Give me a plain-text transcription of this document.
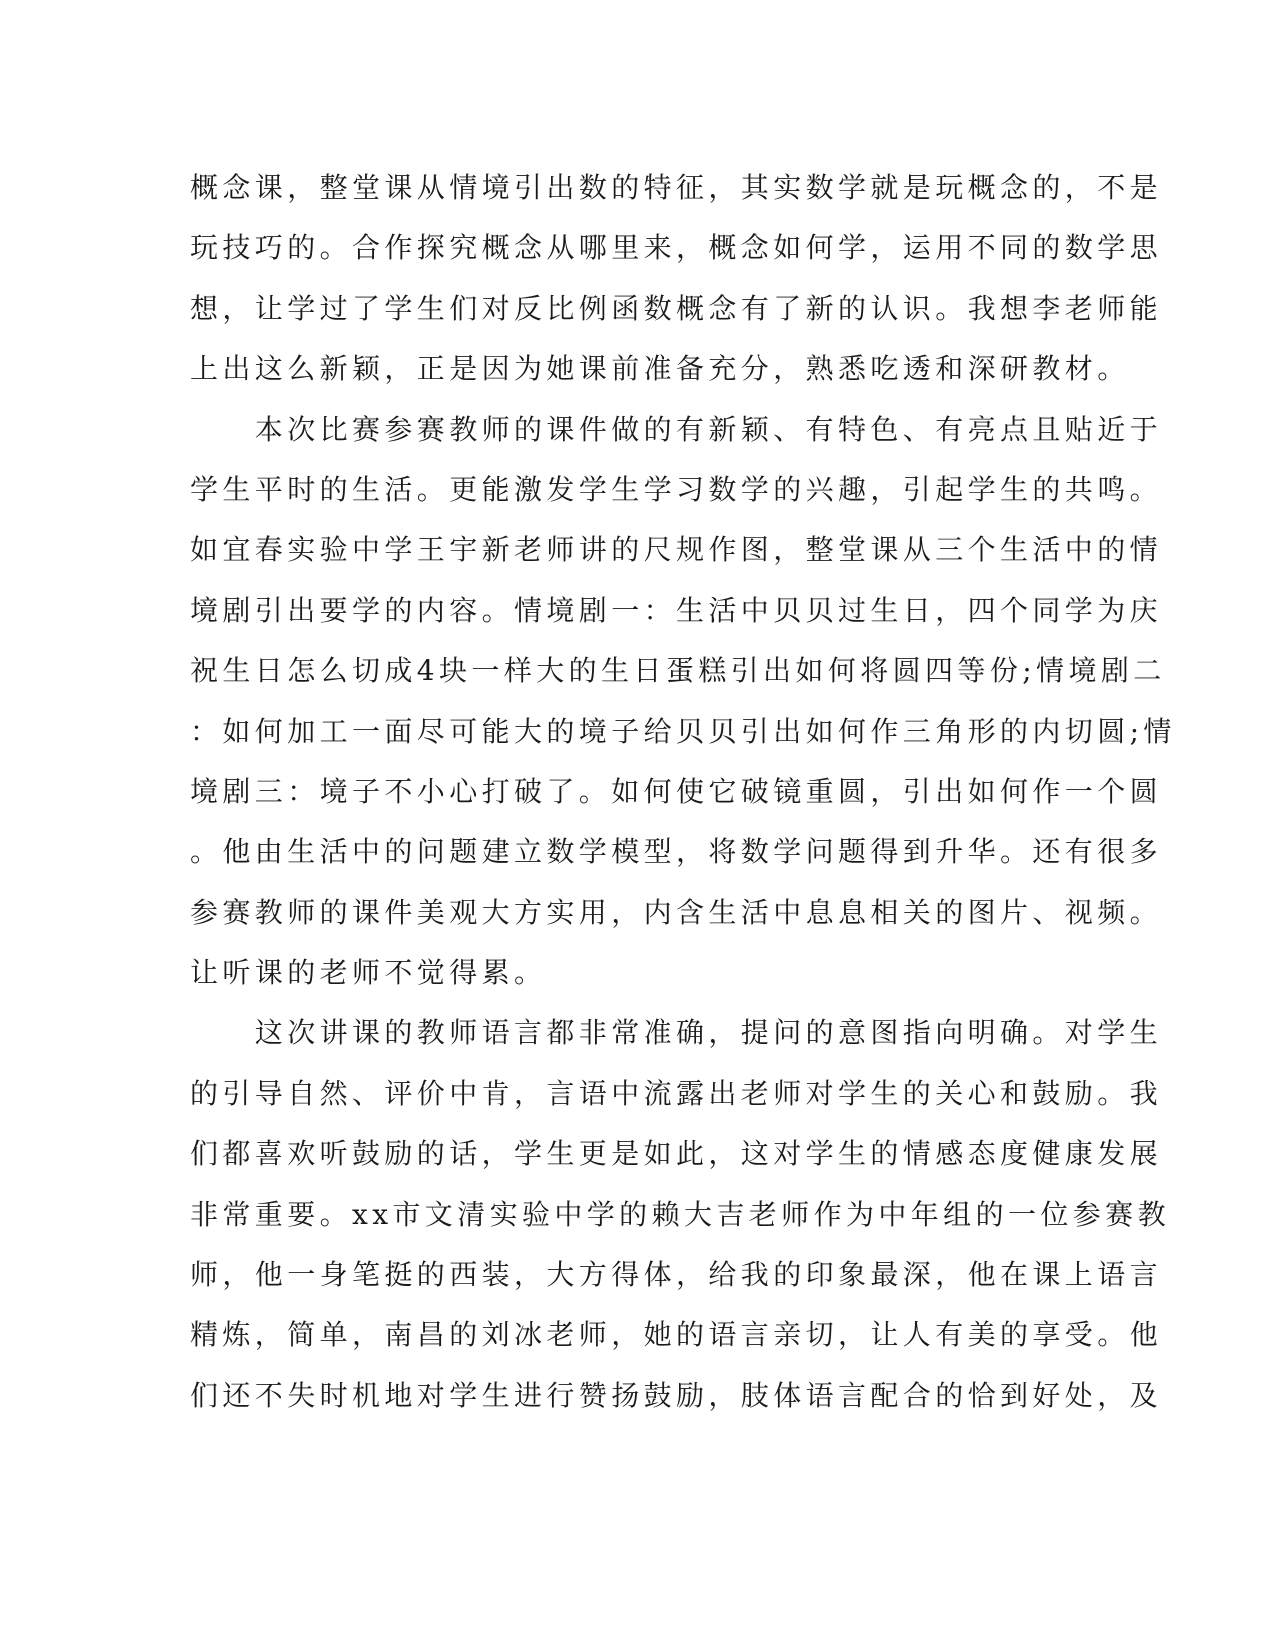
概念课，整堂课从情境引出数的特征，其实数学就是玩概念的，不是
玩技巧的。合作探究概念从哪里来，概念如何学，运用不同的数学思
想，让学过了学生们对反比例函数概念有了新的认识。我想李老师能
上出这么新颖，正是因为她课前准备充分，熟悉吃透和深研教材。
　　本次比赛参赛教师的课件做的有新颖、有特色、有亮点且贴近于
学生平时的生活。更能激发学生学习数学的兴趣，引起学生的共鸣。
如宜春实验中学王宇新老师讲的尺规作图，整堂课从三个生活中的情
境剧引出要学的内容。情境剧一：生活中贝贝过生日，四个同学为庆
祝生日怎么切成4块一样大的生日蛋糕引出如何将圆四等份;情境剧二
：如何加工一面尽可能大的境子给贝贝引出如何作三角形的内切圆;情
境剧三：境子不小心打破了。如何使它破镜重圆，引出如何作一个圆
。他由生活中的问题建立数学模型，将数学问题得到升华。还有很多
参赛教师的课件美观大方实用，内含生活中息息相关的图片、视频。
让听课的老师不觉得累。
　　这次讲课的教师语言都非常准确，提问的意图指向明确。对学生
的引导自然、评价中肯，言语中流露出老师对学生的关心和鼓励。我
们都喜欢听鼓励的话，学生更是如此，这对学生的情感态度健康发展
非常重要。xx市文清实验中学的赖大吉老师作为中年组的一位参赛教
师，他一身笔挺的西装，大方得体，给我的印象最深，他在课上语言
精炼，简单，南昌的刘冰老师，她的语言亲切，让人有美的享受。他
们还不失时机地对学生进行赞扬鼓励，肢体语言配合的恰到好处，及
